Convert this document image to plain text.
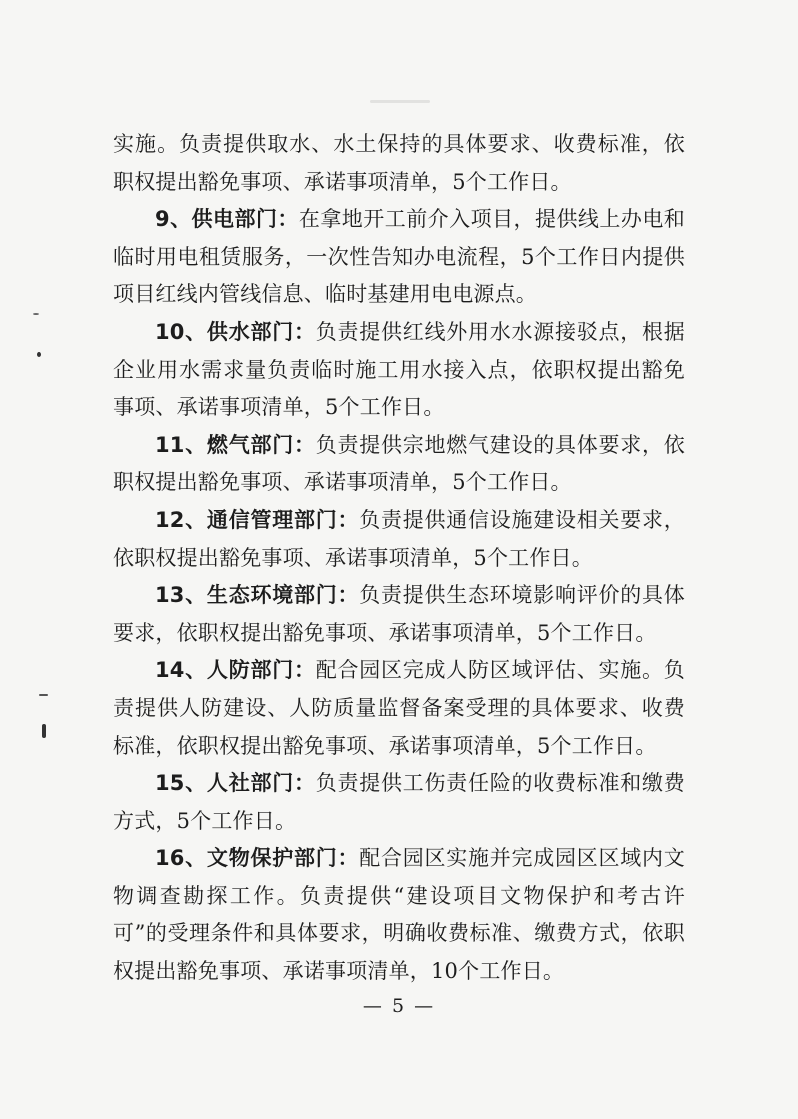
实施。负责提供取水、水土保持的具体要求、收费标准，依职权提出豁免事项、承诺事项清单，5个工作日。

9、供电部门：在拿地开工前介入项目，提供线上办电和临时用电租赁服务，一次性告知办电流程，5个工作日内提供项目红线内管线信息、临时基建用电电源点。

10、供水部门：负责提供红线外用水水源接驳点，根据企业用水需求量负责临时施工用水接入点，依职权提出豁免事项、承诺事项清单，5个工作日。

11、燃气部门：负责提供宗地燃气建设的具体要求，依职权提出豁免事项、承诺事项清单，5个工作日。

12、通信管理部门：负责提供通信设施建设相关要求，依职权提出豁免事项、承诺事项清单，5个工作日。

13、生态环境部门：负责提供生态环境影响评价的具体要求，依职权提出豁免事项、承诺事项清单，5个工作日。

14、人防部门：配合园区完成人防区域评估、实施。负责提供人防建设、人防质量监督备案受理的具体要求、收费标准，依职权提出豁免事项、承诺事项清单，5个工作日。

15、人社部门：负责提供工伤责任险的收费标准和缴费方式，5个工作日。

16、文物保护部门：配合园区实施并完成园区区域内文物调查勘探工作。负责提供“建设项目文物保护和考古许可”的受理条件和具体要求，明确收费标准、缴费方式，依职权提出豁免事项、承诺事项清单，10个工作日。

— 5 —
